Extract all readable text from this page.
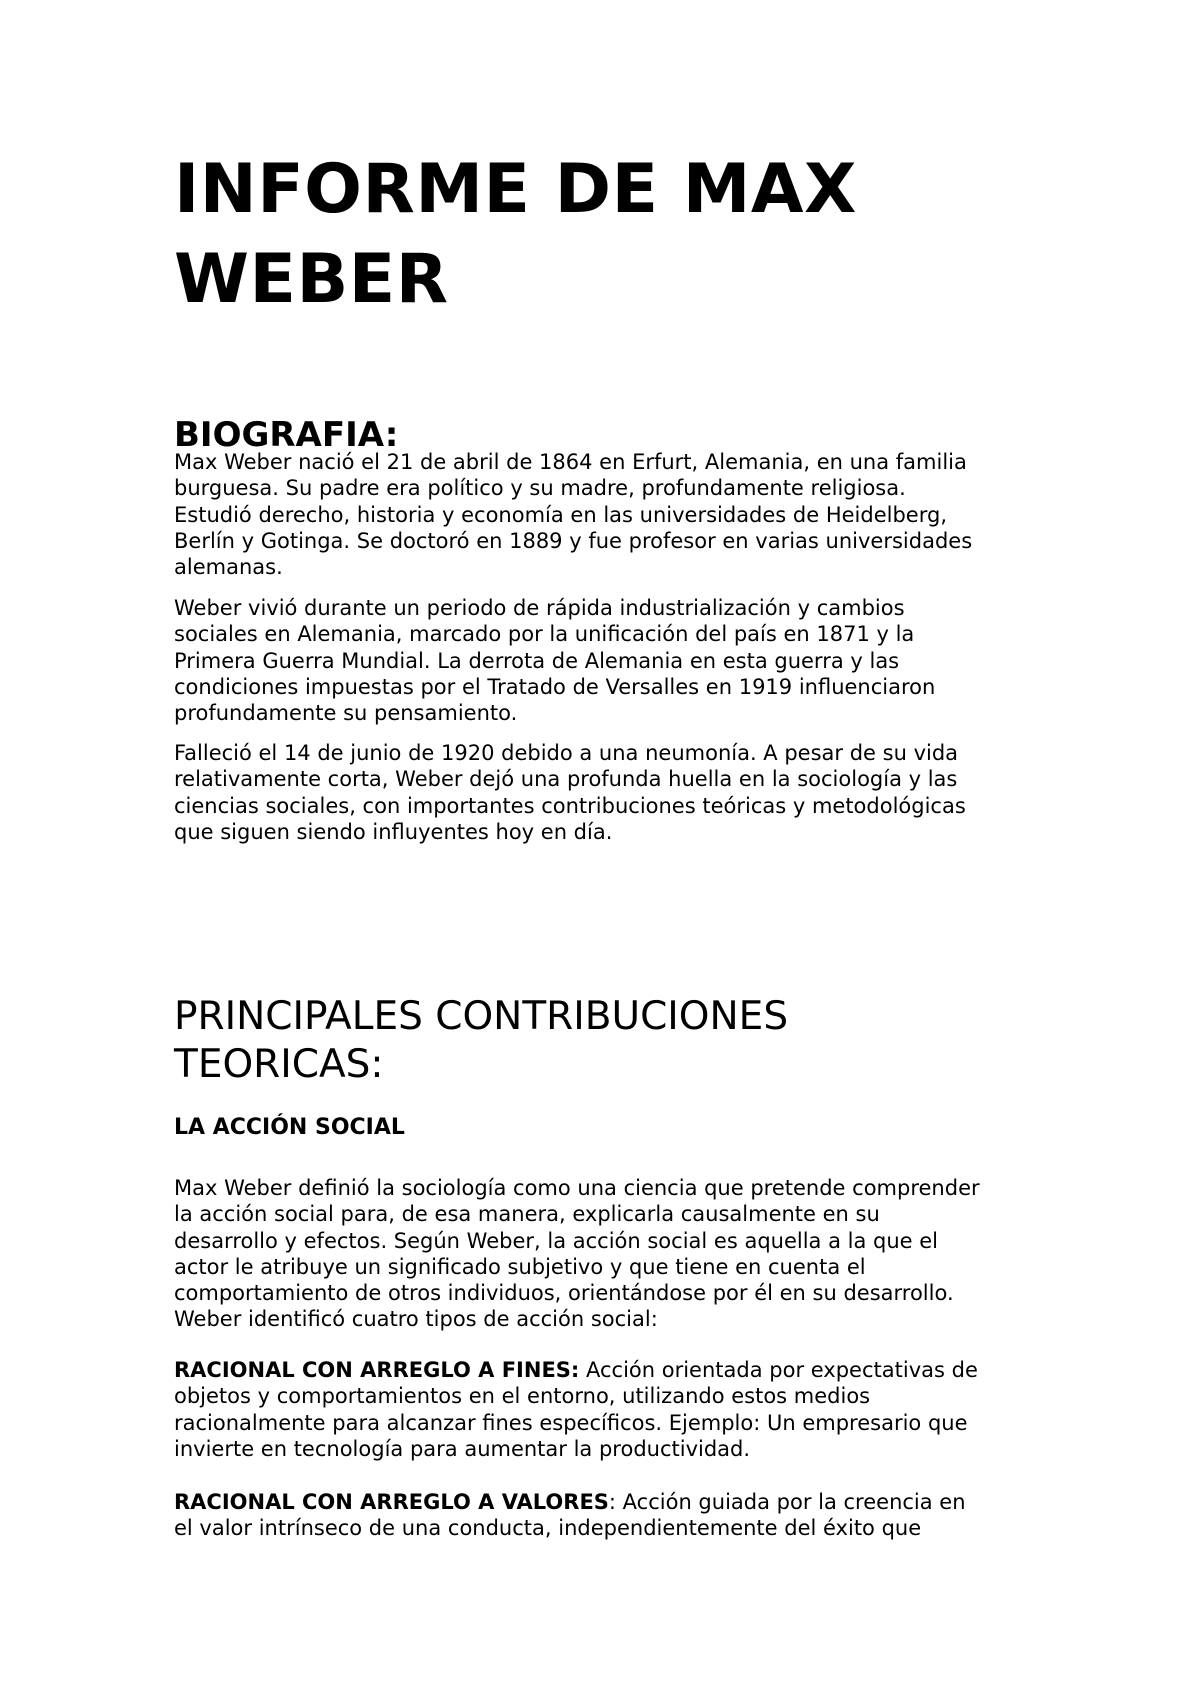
INFORME DE MAX
WEBER
BIOGRAFIA:

Max Weber nació el 21 de abril de 1864 en Erfurt, Alemania, en una familia
burguesa. Su padre era político y su madre, profundamente religiosa.
Estudió derecho, historia y economía en las universidades de Heidelberg,
Berlín y Gotinga. Se doctoró en 1889 y fue profesor en varias universidades
alemanas.

Weber vivió durante un periodo de rápida industrialización y cambios
sociales en Alemania, marcado por la unificación del país en 1871 y la
Primera Guerra Mundial. La derrota de Alemania en esta guerra y las
condiciones impuestas por el Tratado de Versalles en 1919 influenciaron
profundamente su pensamiento.

Falleció el 14 de junio de 1920 debido a una neumonía. A pesar de su vida
relativamente corta, Weber dejó una profunda huella en la sociología y las
ciencias sociales, con importantes contribuciones teóricas y metodológicas
que siguen siendo influyentes hoy en día.

PRINCIPALES CONTRIBUCIONES
TEORICAS:
LA ACCIÓN SOCIAL

Max Weber definió la sociología como una ciencia que pretende comprender
la acción social para, de esa manera, explicarla causalmente en su
desarrollo y efectos. Según Weber, la acción social es aquella a la que el
actor le atribuye un significado subjetivo y que tiene en cuenta el
comportamiento de otros individuos, orientándose por él en su desarrollo.
Weber identificó cuatro tipos de acción social:

RACIONAL CON ARREGLO A FINES: Acción orientada por expectativas de
objetos y comportamientos en el entorno, utilizando estos medios
racionalmente para alcanzar fines específicos. Ejemplo: Un empresario que
invierte en tecnología para aumentar la productividad.

RACIONAL CON ARREGLO A VALORES: Acción guiada por la creencia en
el valor intrínseco de una conducta, independientemente del éxito que
